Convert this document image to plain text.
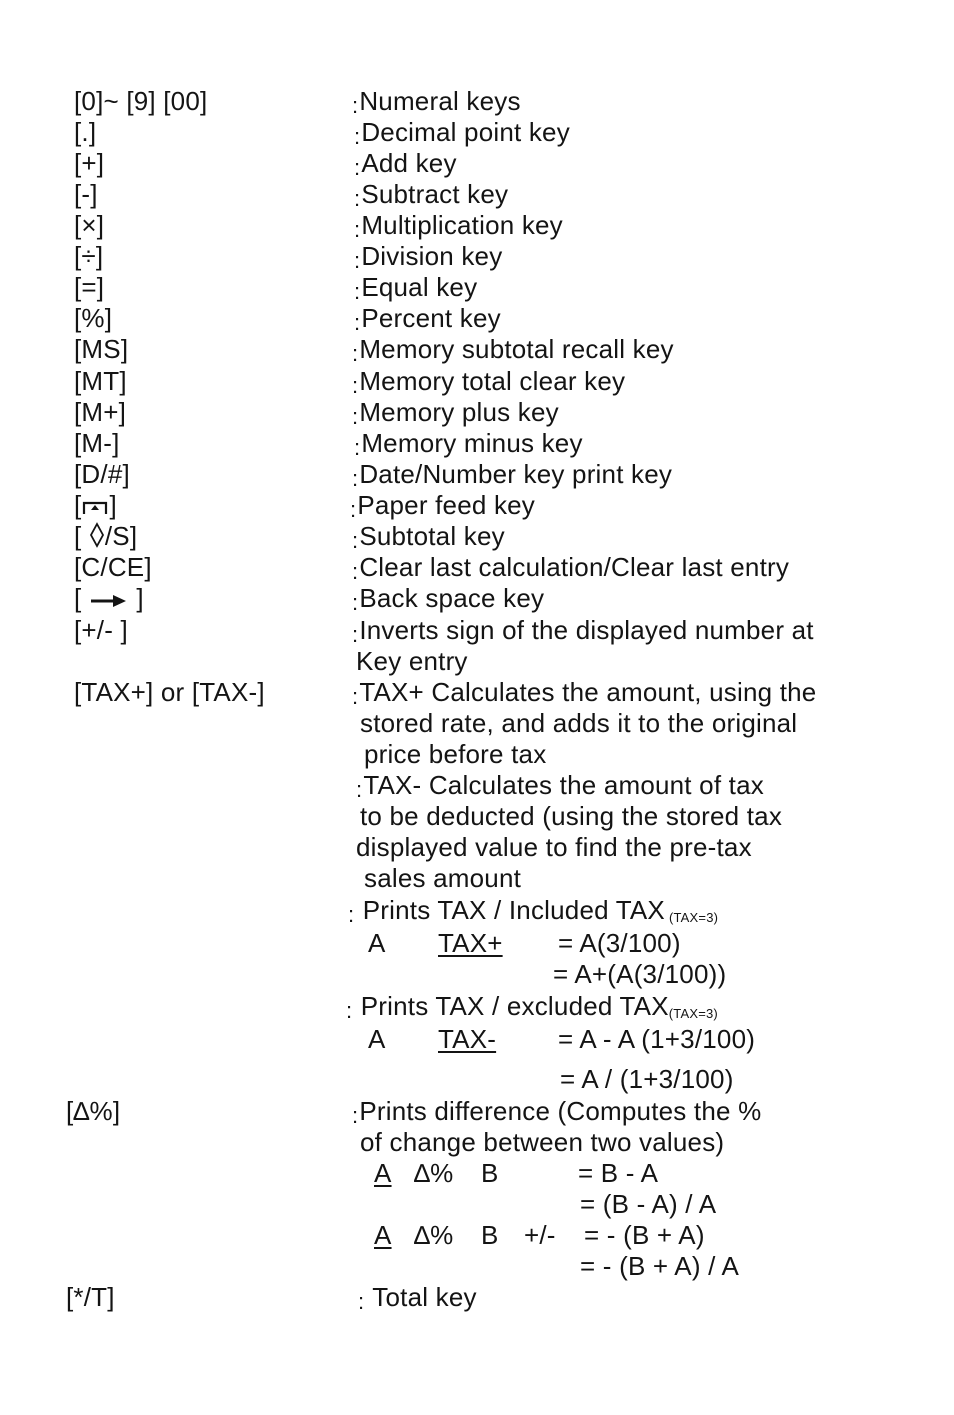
[0]~ [9] [00]	:Numeral keys
[.]	:Decimal point key
[+]	:Add key
[-]	:Subtract key
[×]	:Multiplication key
[÷]	:Division key
[=]	:Equal key
[%]	:Percent key
[MS]	:Memory subtotal recall key
[MT]	:Memory total clear key
[M+]	:Memory plus key
[M-]	:Memory minus key
[D/#]	:Date/Number key print key
[ ]	:Paper feed key
[ /S]	:Subtotal key
[C/CE]	:Clear last calculation/Clear last entry
[ ]	:Back space key
[+/- ]	:Inverts sign of the displayed number at
Key entry
[TAX+] or [TAX-]	:TAX+ Calculates the amount, using the
stored rate, and adds it to the original
price before tax
:TAX- Calculates the amount of tax
to be deducted (using the stored tax
displayed value to find the pre-tax
sales amount
: Prints TAX / Included TAX (TAX=3)
A TAX+ = A(3/100)
= A+(A(3/100))
: Prints TAX / excluded TAX(TAX=3)
A TAX- = A - A (1+3/100)
= A / (1+3/100)
[∆%]	:Prints difference (Computes the %
of change between two values)
A ∆% B	= B - A
= (B - A) / A
A ∆% B +/- = - (B + A)
= - (B + A) / A
[*/T]	: Total key
